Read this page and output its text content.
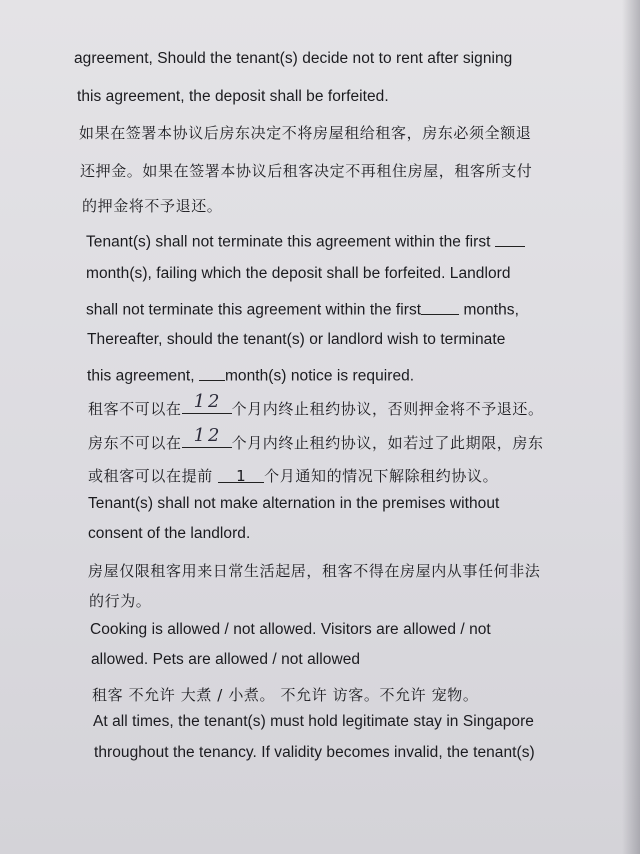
agreement, Should the tenant(s) decide not to rent after signing
this agreement, the deposit shall be forfeited.
如果在签署本协议后房东决定不将房屋租给租客，房东必须全额退
还押金。如果在签署本协议后租客决定不再租住房屋，租客所支付
的押金将不予退还。
Tenant(s) shall not terminate this agreement within the first
month(s), failing which the deposit shall be forfeited. Landlord
shall not terminate this agreement within the first months,
Thereafter, should the tenant(s) or landlord wish to terminate
this agreement, month(s) notice is required.
租客不可以在 12 个月内终止租约协议，否则押金将不予退还。
房东不可以在 12 个月内终止租约协议，如若过了此期限，房东
或租客可以在提前 1 个月通知的情况下解除租约协议。
Tenant(s) shall not make alternation in the premises without
consent of the landlord.
房屋仅限租客用来日常生活起居，租客不得在房屋内从事任何非法
的行为。
Cooking is allowed / not allowed. Visitors are allowed / not
allowed. Pets are allowed / not allowed
租客 不允许 大煮 / 小煮。 不允许 访客。不允许 宠物。
At all times, the tenant(s) must hold legitimate stay in Singapore
throughout the tenancy. If validity becomes invalid, the tenant(s)
